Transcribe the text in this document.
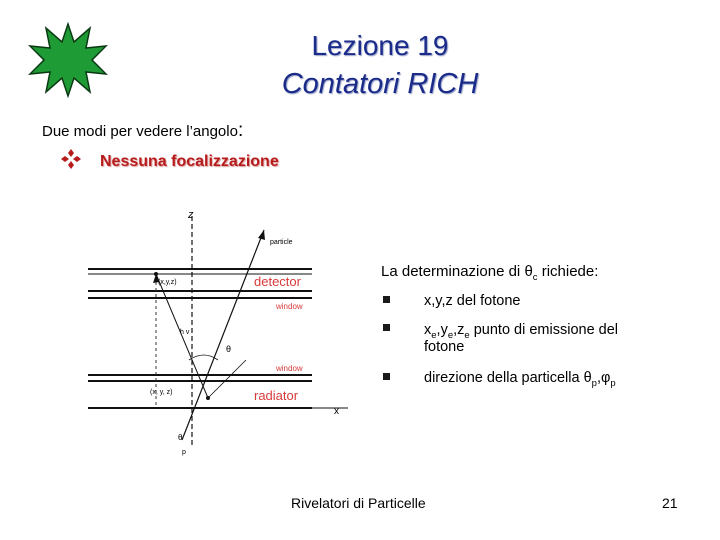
Lezione 19
Contatori RICH
Due modi per vedere l’angolo:
Nessuna focalizzazione
z
particle
(x,y,z)	detector
window
h v
θ
window
(x, y, z)	radiator
x
θ
p
La determinazione di $\theta_c$ richiede:
x,y,z del fotone
$x_e,y_e,z_e$ punto di emissione del
fotone
direzione della particella $\theta_p,\varphi_p$
Rivelatori di Particelle	21
